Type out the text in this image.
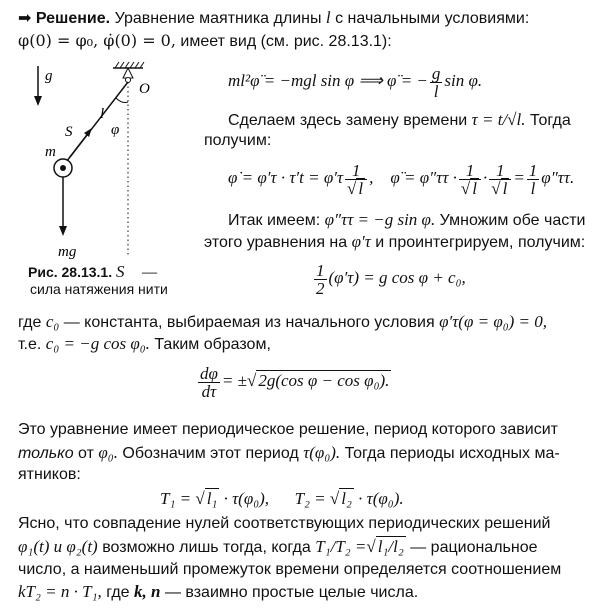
➡ Решение. Уравнение маятника длины l с начальными условиями:
φ(0) = φ₀, φ̇(0) = 0, имеет вид (см. рис. 28.13.1):
g⃗
O
l
S⃗ φ
m
mg⃗
Рис. 28.13.1. S⃗ —
сила натяжения нити
ml²φ̈ = −mgl sin φ ⟹ φ̈ = − $\frac{g}{l}$ sin φ.
Сделаем здесь замену времени τ = t/√l. Тогда
получим:
φ̇ = $\varphi'\tau \cdot \tau't = \varphi'\tau \frac{1}{√ l}$ ,    φ̈ = $\varphi''\tau\tau \cdot \frac{1}{√ l} \cdot \frac{1}{√ l} = \frac{1}{l} \varphi''\tau\tau$.
Итак имеем: φ″ττ = −g sin φ. Умножим обе части
этого уравнения на φ′τ и проинтегрируем, получим:
$\frac{1}{2} (\varphi'\tau) = g$ cos φ + c₀,
где c₀ — константа, выбираемая из начального условия φ′τ(φ = φ₀) = 0,
т.е. c₀ = −g cos φ₀. Таким образом,
$\frac{d\varphi}{d\tau}$ = ±√ 2g(cos φ − cos φ₀).
Это уравнение имеет периодическое решение, период которого зависит
только от φ₀. Обозначим этот период τ(φ₀). Тогда периоды исходных ма-
ятников:
T₁ = √ l₁ · τ(φ₀), T₂ = √ l₂ · τ(φ₀).
Ясно, что совпадение нулей соответствующих периодических решений
φ₁(t) и φ₂(t) возможно лишь тогда, когда T₁/T₂ =√ l₁/l₂ — рациональное
число, а наименьший промежуток времени определяется соотношением
kT₂ = n · T₁, где k, n — взаимно простые целые числа.
